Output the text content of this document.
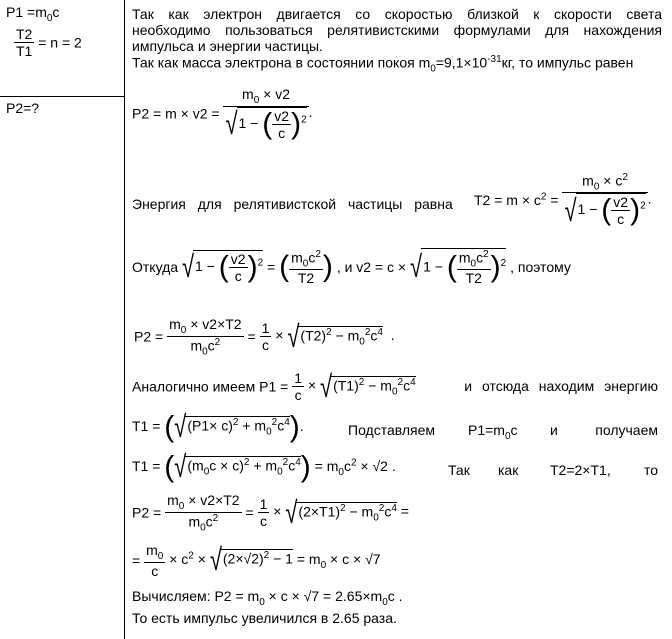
$P1 =m_0c$
$\frac{T2}{T1} = n = 2$
P2=?
Так как электрон двигается со скоростью близкой к скорости света
необходимо пользоваться релятивистскими формулами для нахождения
импульса и энергии частицы.
Так как масса электрона в состоянии покоя $m_0=9,1\times 10^{-31}кг$, то импульс равен
$P2 = m \times v2 = \frac{m_0 \times v2}{√1 - ( \frac{v2}{c} )^2}$ .
Энергия для релятивистской частицы равна $T2 = m \times c^2 = \frac{m_0 \times c^2}{√1 - ( \frac{v2}{c} )^2}$ .
Откуда √1 − ( $\frac{v2}{c} )^2$ = ( $\frac{m_0c^2}{T2}$ ) , и v2 = c × √1 − ( $\frac{m_0c^2}{T2} )^2$ , поэтому
$P2 = \frac{m_0 \times v2\times T2}{m_0c^2} = \frac{1}{c} \times √(T2)^2 - m_0^2c^4$  .
Аналогично имеем $P1 = \frac{1}{c} \times √(T1)^2 - m_0^2c^4$	и отсюда находим энергию
$T1 = (√(P1\times c)^2 + m_0^2c^4)$.	Подставляем $P1=m_0c$ и	получаем
$T1 = (√(m_0c \times c)^2 + m_0^2c^4) = m_0c^2 \times √2$ .	Так как T2=2×T1, то
$P2 = \frac{m_0 \times v2\times T2}{m_0c^2} = \frac{1}{c} \times √(2\times T1)^2 - m_0^2c^4$ =
= $\frac{m_0}{c} \times c^2 \times √(2\times√2)^2 - 1 = m_0 \times c \times √7$
Вычисляем: $P2 = m_0 \times c \times √7 = 2.65\times m_0c$ .
То есть импульс увеличился в 2.65 раза.
